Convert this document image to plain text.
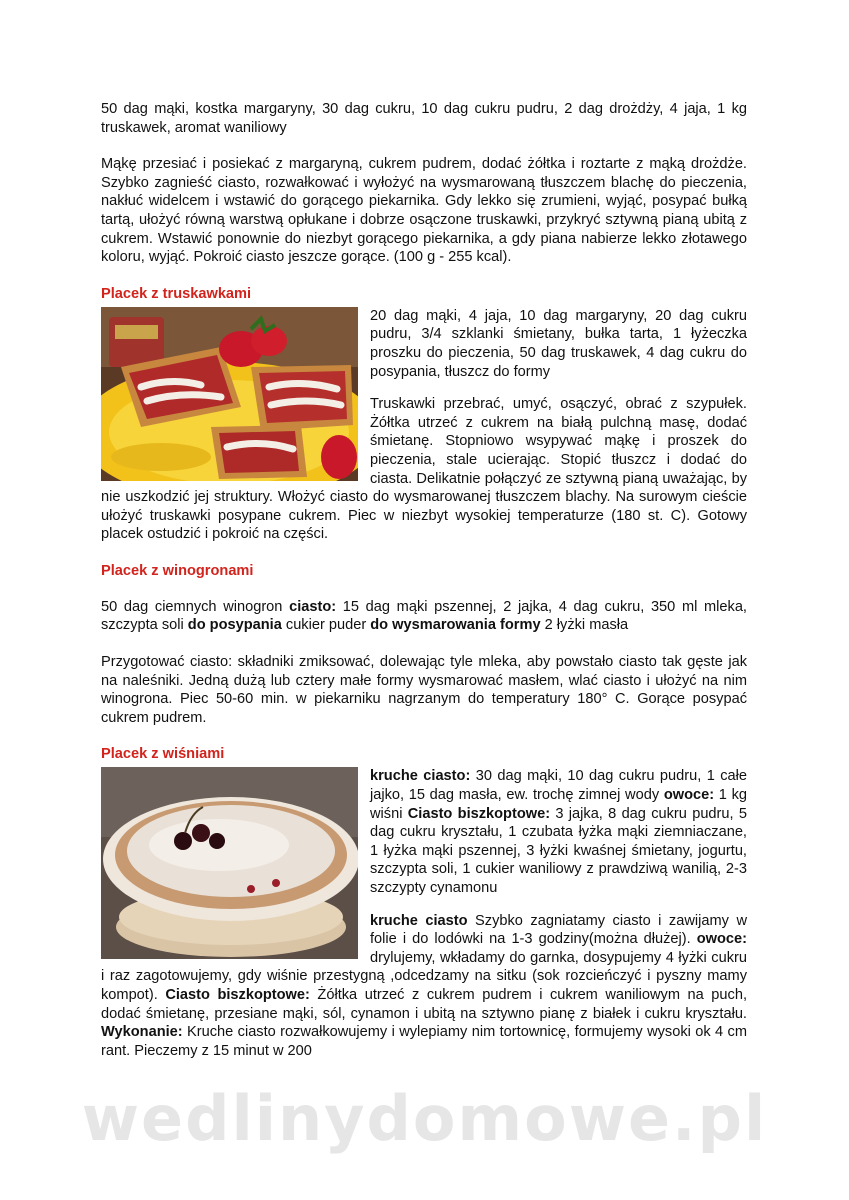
50 dag mąki, kostka margaryny, 30 dag cukru, 10 dag cukru pudru, 2 dag drożdży, 4 jaja, 1 kg truskawek, aromat waniliowy

Mąkę przesiać i posiekać z margaryną, cukrem pudrem, dodać żółtka i roztarte z mąką drożdże. Szybko zagnieść ciasto, rozwałkować i wyłożyć na wysmarowaną tłuszczem blachę do pieczenia, nakłuć widelcem i wstawić do gorącego piekarnika. Gdy lekko się zrumieni, wyjąć, posypać bułką tartą, ułożyć równą warstwą opłukane i dobrze osączone truskawki, przykryć sztywną pianą ubitą z cukrem. Wstawić ponownie do niezbyt gorącego piekarnika, a gdy piana nabierze lekko złotawego koloru, wyjąć. Pokroić ciasto jeszcze gorące. (100 g - 255 kcal).

Placek z truskawkami

20 dag mąki, 4 jaja, 10 dag margaryny, 20 dag cukru pudru, 3/4 szklanki śmietany, bułka tarta, 1 łyżeczka proszku do pieczenia, 50 dag truskawek, 4 dag cukru do posypania, tłuszcz do formy

Truskawki przebrać, umyć, osączyć, obrać z szypułek. Żółtka utrzeć z cukrem na białą pulchną masę, dodać śmietanę. Stopniowo wsypywać mąkę i proszek do pieczenia, stale ucierając. Stopić tłuszcz i dodać do ciasta. Delikatnie połączyć ze sztywną pianą uważając, by nie uszkodzić jej struktury. Włożyć ciasto do wysmarowanej tłuszczem blachy. Na surowym cieście ułożyć truskawki posypane cukrem. Piec w niezbyt wysokiej temperaturze (180 st. C). Gotowy placek ostudzić i pokroić na części.

Placek z winogronami

50 dag ciemnych winogron ciasto: 15 dag mąki pszennej, 2 jajka, 4 dag cukru, 350 ml mleka, szczypta soli do posypania cukier puder do wysmarowania formy 2 łyżki masła

Przygotować ciasto: składniki zmiksować, dolewając tyle mleka, aby powstało ciasto tak gęste jak na naleśniki. Jedną dużą lub cztery małe formy wysmarować masłem, wlać ciasto i ułożyć na nim winogrona. Piec 50-60 min. w piekarniku nagrzanym do temperatury 180° C. Gorące posypać cukrem pudrem.

Placek z wiśniami

kruche ciasto: 30 dag mąki, 10 dag cukru pudru, 1 całe jajko, 15 dag masła, ew. trochę zimnej wody owoce: 1 kg wiśni Ciasto biszkoptowe: 3 jajka, 8 dag cukru pudru, 5 dag cukru kryształu, 1 czubata łyżka mąki ziemniaczane, 1 łyżka mąki pszennej, 3 łyżki kwaśnej śmietany, jogurtu, szczypta soli, 1 cukier waniliowy z prawdziwą wanilią, 2-3 szczypty cynamonu

kruche ciasto Szybko zagniatamy ciasto i zawijamy w folie i do lodówki na 1-3 godziny(można dłużej). owoce: drylujemy, wkładamy do garnka, dosypujemy 4 łyżki cukru i raz zagotowujemy, gdy wiśnie przestygną ,odcedzamy na sitku (sok rozcieńczyć i pyszny mamy kompot). Ciasto biszkoptowe: Żółtka utrzeć z cukrem pudrem i cukrem waniliowym na puch, dodać śmietanę, przesiane mąki, sól, cynamon i ubitą na sztywno pianę z białek i cukru kryształu. Wykonanie: Kruche ciasto rozwałkowujemy i wylepiamy nim tortownicę, formujemy wysoki ok 4 cm rant. Pieczemy z 15 minut w 200

wedlinydomowe.pl
